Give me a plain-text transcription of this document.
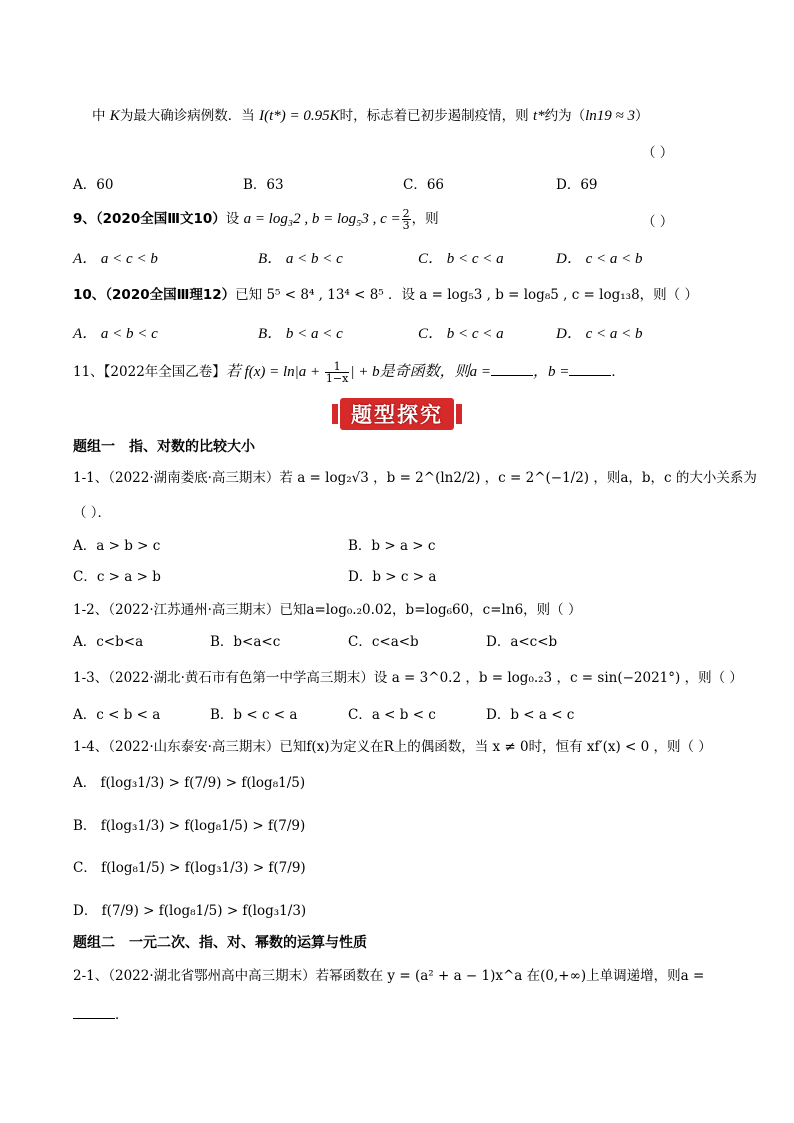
中 K为最大确诊病例数．当 I(t*) = 0.95K时，标志着已初步遏制疫情，则 t*约为（ln19 ≈ 3）
（ ）
A．60	B．63	C．66	D．69
9、（2020全国Ⅲ文10）设 a = log₃2 , b = log₅3 , $c = \frac{2}{3}$ ，则	（ ）
A． a < c < b	B． a < b < c	C． b < c < a	D． c < a < b
10、（2020全国Ⅲ理12）已知 5⁵ < 8⁴ , 13⁴ < 8⁵ ．设 a = log₅3 , b = log₈5 , c = log₁₃8，则（ ）
A． a < b < c	B． b < a < c	C． b < c < a	D． c < a < b
11、【2022年全国乙卷】若 $f(x) = \ln|a + \frac{1}{1-x}$ | + b是奇函数，则a =	，b =	．
题型探究
题组一　指、对数的比较大小
1-1、（2022·湖南娄底·高三期末）若 a = log₂√3 ，b = 2^(ln2/2) ，c = 2^(−1/2) ，则a，b，c 的大小关系为
（ ）．
A．a > b > c	B．b > a > c
C．c > a > b	D．b > c > a
1-2、（2022·江苏通州·高三期末）已知a=log₀.₂0.02，b=log₆60，c=ln6，则（ ）
A．c<b<a	B．b<a<c	C．c<a<b	D．a<c<b
1-3、（2022·湖北·黄石市有色第一中学高三期末）设 a = 3^0.2 ，b = log₀.₂3 ，c = sin(−2021°) ，则（ ）
A．c < b < a	B．b < c < a	C．a < b < c	D．b < a < c
1-4、（2022·山东泰安·高三期末）已知f(x)为定义在R上的偶函数，当 x ≠ 0时，恒有 xf′(x) < 0 ，则（ ）
A． f(log₃1/3) > f(7/9) > f(log₈1/5)
B． f(log₃1/3) > f(log₈1/5) > f(7/9)
C． f(log₈1/5) > f(log₃1/3) > f(7/9)
D． f(7/9) > f(log₈1/5) > f(log₃1/3)
题组二　一元二次、指、对、幂数的运算与性质
2-1、（2022·湖北省鄂州高中高三期末）若幂函数在 y = (a² + a − 1)x^a 在(0,+∞)上单调递增，则a =
．
